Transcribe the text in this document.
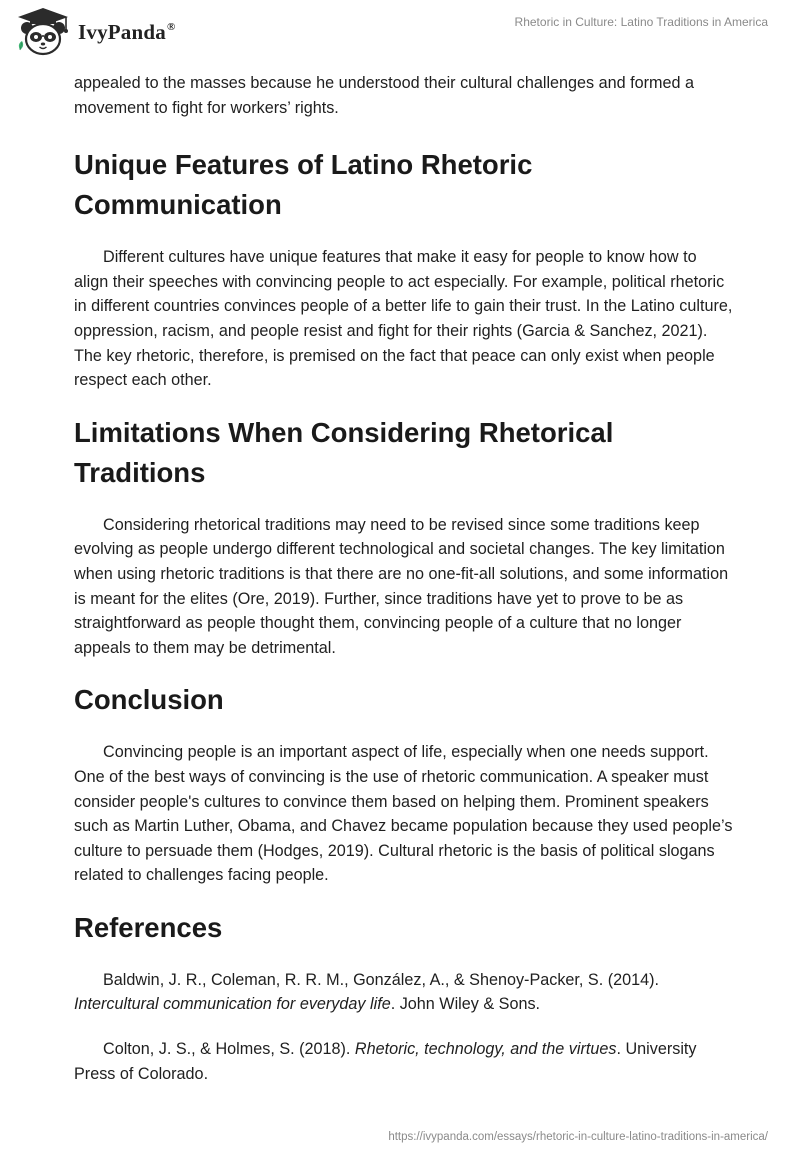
IvyPanda®	Rhetoric in Culture: Latino Traditions in America

appealed to the masses because he understood their cultural challenges and formed a movement to fight for workers’ rights.

Unique Features of Latino Rhetoric Communication

Different cultures have unique features that make it easy for people to know how to align their speeches with convincing people to act especially. For example, political rhetoric in different countries convinces people of a better life to gain their trust. In the Latino culture, oppression, racism, and people resist and fight for their rights (Garcia & Sanchez, 2021). The key rhetoric, therefore, is premised on the fact that peace can only exist when people respect each other.

Limitations When Considering Rhetorical Traditions

Considering rhetorical traditions may need to be revised since some traditions keep evolving as people undergo different technological and societal changes. The key limitation when using rhetoric traditions is that there are no one-fit-all solutions, and some information is meant for the elites (Ore, 2019). Further, since traditions have yet to prove to be as straightforward as people thought them, convincing people of a culture that no longer appeals to them may be detrimental.

Conclusion

Convincing people is an important aspect of life, especially when one needs support. One of the best ways of convincing is the use of rhetoric communication. A speaker must consider people's cultures to convince them based on helping them. Prominent speakers such as Martin Luther, Obama, and Chavez became population because they used people’s culture to persuade them (Hodges, 2019). Cultural rhetoric is the basis of political slogans related to challenges facing people.

References

Baldwin, J. R., Coleman, R. R. M., González, A., & Shenoy-Packer, S. (2014). Intercultural communication for everyday life. John Wiley & Sons.

Colton, J. S., & Holmes, S. (2018). Rhetoric, technology, and the virtues. University Press of Colorado.

https://ivypanda.com/essays/rhetoric-in-culture-latino-traditions-in-america/
